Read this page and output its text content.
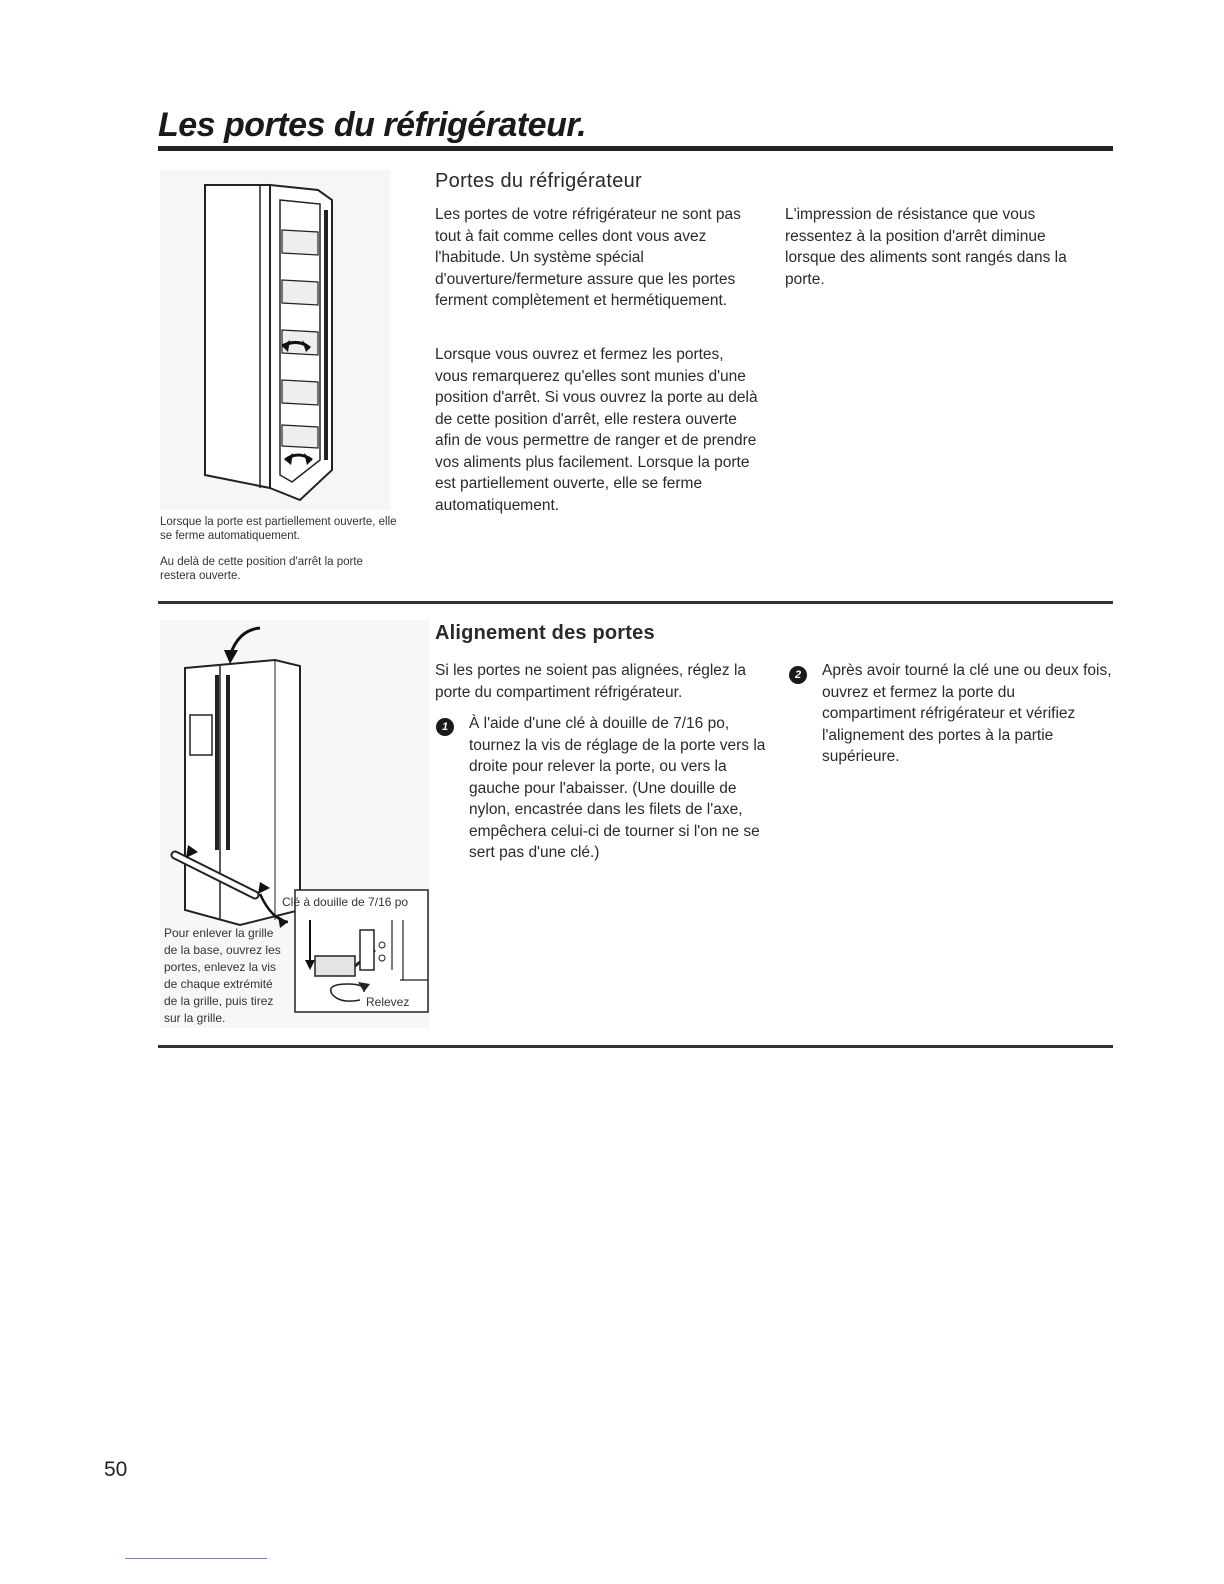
Les portes du réfrigérateur.

Lorsque la porte est partiellement ouverte, elle se ferme automatiquement.

Au delà de cette position d'arrêt la porte restera ouverte.

Portes du réfrigérateur

Les portes de votre réfrigérateur ne sont pas tout à fait comme celles dont vous avez l'habitude. Un système spécial d'ouverture/fermeture assure que les portes ferment complètement et hermétiquement.

Lorsque vous ouvrez et fermez les portes, vous remarquerez qu'elles sont munies d'une position d'arrêt. Si vous ouvrez la porte au delà de cette position d'arrêt, elle restera ouverte afin de vous permettre de ranger et de prendre vos aliments plus facilement. Lorsque la porte est partiellement ouverte, elle se ferme automatiquement.

L'impression de résistance que vous ressentez à la position d'arrêt diminue lorsque des aliments sont rangés dans la porte.

Clé à douille de 7/16 po
Relevez
Pour enlever la grille
de la base, ouvrez les
portes, enlevez la vis
de chaque extrémité
de la grille, puis tirez
sur la grille.
Alignement des portes

Si les portes ne soient pas alignées, réglez la porte du compartiment réfrigérateur.

1	À l'aide d'une clé à douille de 7/16 po, tournez la vis de réglage de la porte vers la droite pour relever la porte, ou vers la gauche pour l'abaisser. (Une douille de nylon, encastrée dans les filets de l'axe, empêchera celui-ci de tourner si l'on ne se sert pas d'une clé.)

2	Après avoir tourné la clé une ou deux fois, ouvrez et fermez la porte du compartiment réfrigérateur et vérifiez l'alignement des portes à la partie supérieure.

50
